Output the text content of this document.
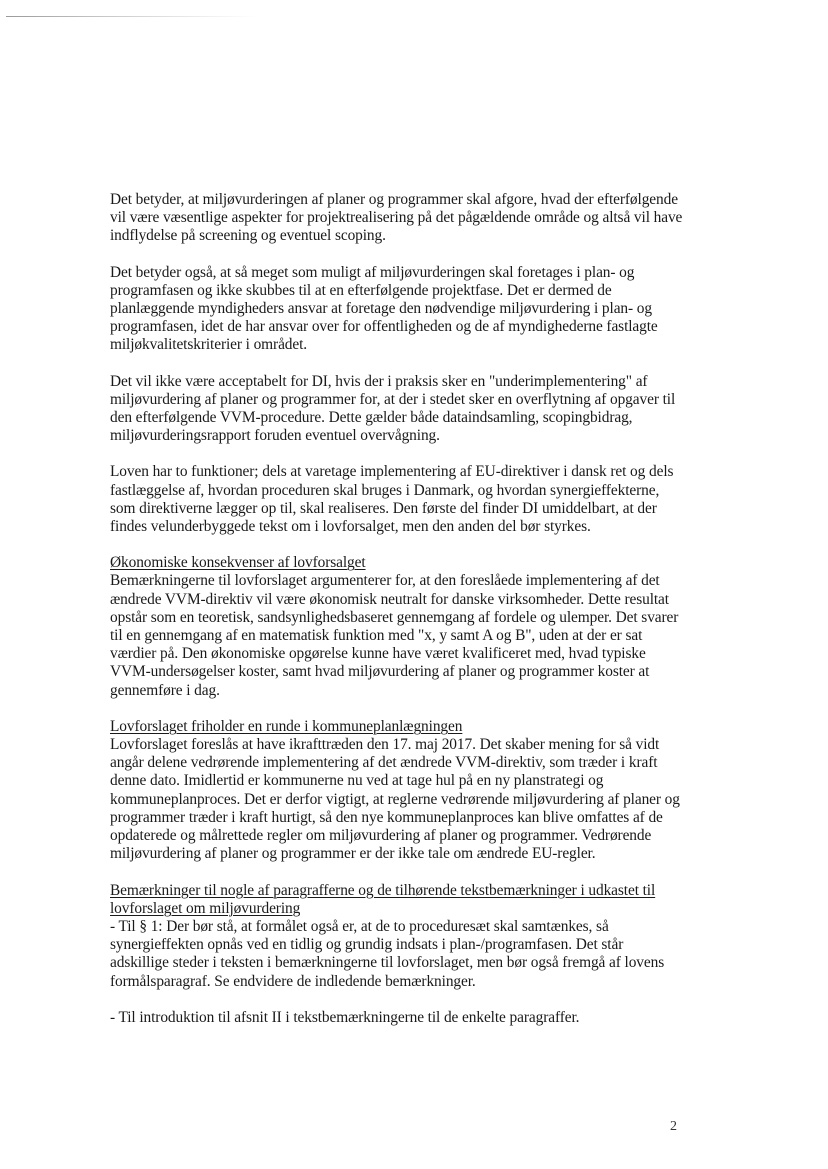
Det betyder, at miljøvurderingen af planer og programmer skal afgore, hvad der efterfølgende vil være væsentlige aspekter for projektrealisering på det pågældende område og altså vil have indflydelse på screening og eventuel scoping.

Det betyder også, at så meget som muligt af miljøvurderingen skal foretages i plan- og programfasen og ikke skubbes til at en efterfølgende projektfase. Det er dermed de planlæggende myndigheders ansvar at foretage den nødvendige miljøvurdering i plan- og programfasen, idet de har ansvar over for offentligheden og de af myndighederne fastlagte miljøkvalitetskriterier i området.

Det vil ikke være acceptabelt for DI, hvis der i praksis sker en "underimplementering" af miljøvurdering af planer og programmer for, at der i stedet sker en overflytning af opgaver til den efterfølgende VVM-procedure. Dette gælder både dataindsamling, scopingbidrag, miljøvurderingsrapport foruden eventuel overvågning.

Loven har to funktioner; dels at varetage implementering af EU-direktiver i dansk ret og dels fastlæggelse af, hvordan proceduren skal bruges i Danmark, og hvordan synergieffekterne, som direktiverne lægger op til, skal realiseres. Den første del finder DI umiddelbart, at der findes velunderbyggede tekst om i lovforsalget, men den anden del bør styrkes.

Økonomiske konsekvenser af lovforsalget

Bemærkningerne til lovforslaget argumenterer for, at den foreslåede implementering af det ændrede VVM-direktiv vil være økonomisk neutralt for danske virksomheder. Dette resultat opstår som en teoretisk, sandsynlighedsbaseret gennemgang af fordele og ulemper. Det svarer til en gennemgang af en matematisk funktion med "x, y samt A og B", uden at der er sat værdier på. Den økonomiske opgørelse kunne have været kvalificeret med, hvad typiske VVM-undersøgelser koster, samt hvad miljøvurdering af planer og programmer koster at gennemføre i dag.

Lovforslaget friholder en runde i kommuneplanlægningen

Lovforslaget foreslås at have ikrafttræden den 17. maj 2017. Det skaber mening for så vidt angår delene vedrørende implementering af det ændrede VVM-direktiv, som træder i kraft denne dato. Imidlertid er kommunerne nu ved at tage hul på en ny planstrategi og kommuneplanproces. Det er derfor vigtigt, at reglerne vedrørende miljøvurdering af planer og programmer træder i kraft hurtigt, så den nye kommuneplanproces kan blive omfattes af de opdaterede og målrettede regler om miljøvurdering af planer og programmer. Vedrørende miljøvurdering af planer og programmer er der ikke tale om ændrede EU-regler.

Bemærkninger til nogle af paragrafferne og de tilhørende tekstbemærkninger i udkastet til lovforslaget om miljøvurdering

- Til § 1: Der bør stå, at formålet også er, at de to proceduresæt skal samtænkes, så synergieffekten opnås ved en tidlig og grundig indsats i plan-/programfasen. Det står adskillige steder i teksten i bemærkningerne til lovforslaget, men bør også fremgå af lovens formålsparagraf. Se endvidere de indledende bemærkninger.

- Til introduktion til afsnit II i tekstbemærkningerne til de enkelte paragraffer.

2
